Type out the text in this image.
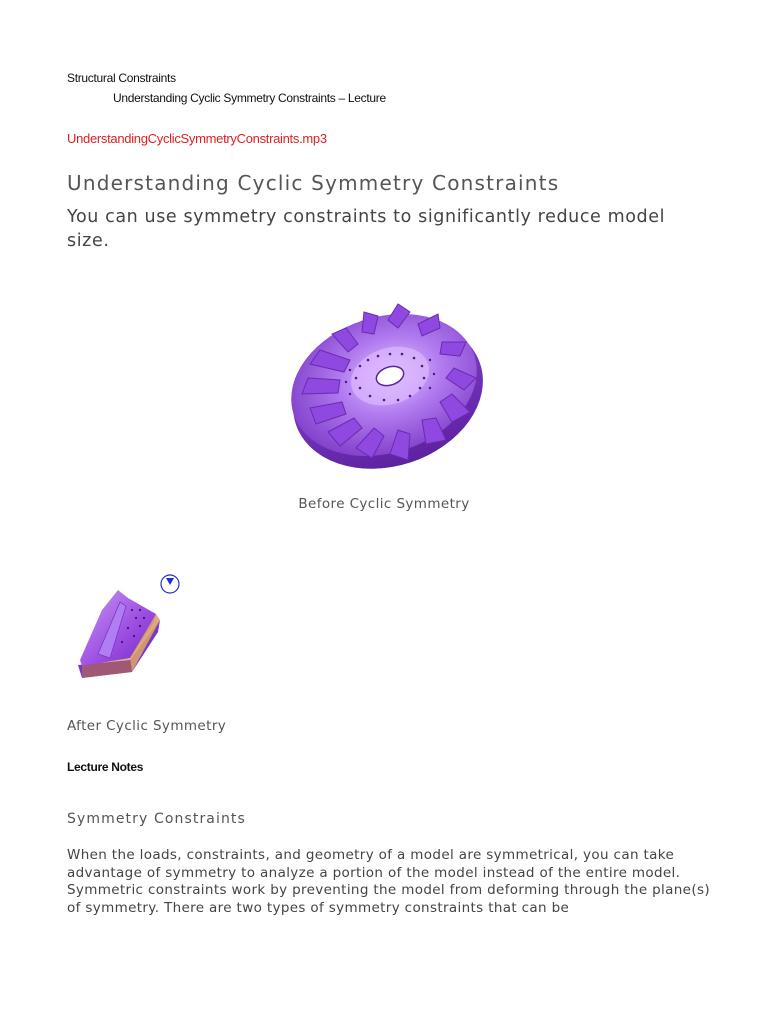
Structural Constraints
Understanding Cyclic Symmetry Constraints – Lecture
UnderstandingCyclicSymmetryConstraints.mp3
Understanding Cyclic Symmetry Constraints

You can use symmetry constraints to significantly reduce model size.

Before Cyclic Symmetry
After Cyclic Symmetry
Lecture Notes
Symmetry Constraints

When the loads, constraints, and geometry of a model are symmetrical, you can take advantage of symmetry to analyze a portion of the model instead of the entire model. Symmetric constraints work by preventing the model from deforming through the plane(s) of symmetry. There are two types of symmetry constraints that can be
